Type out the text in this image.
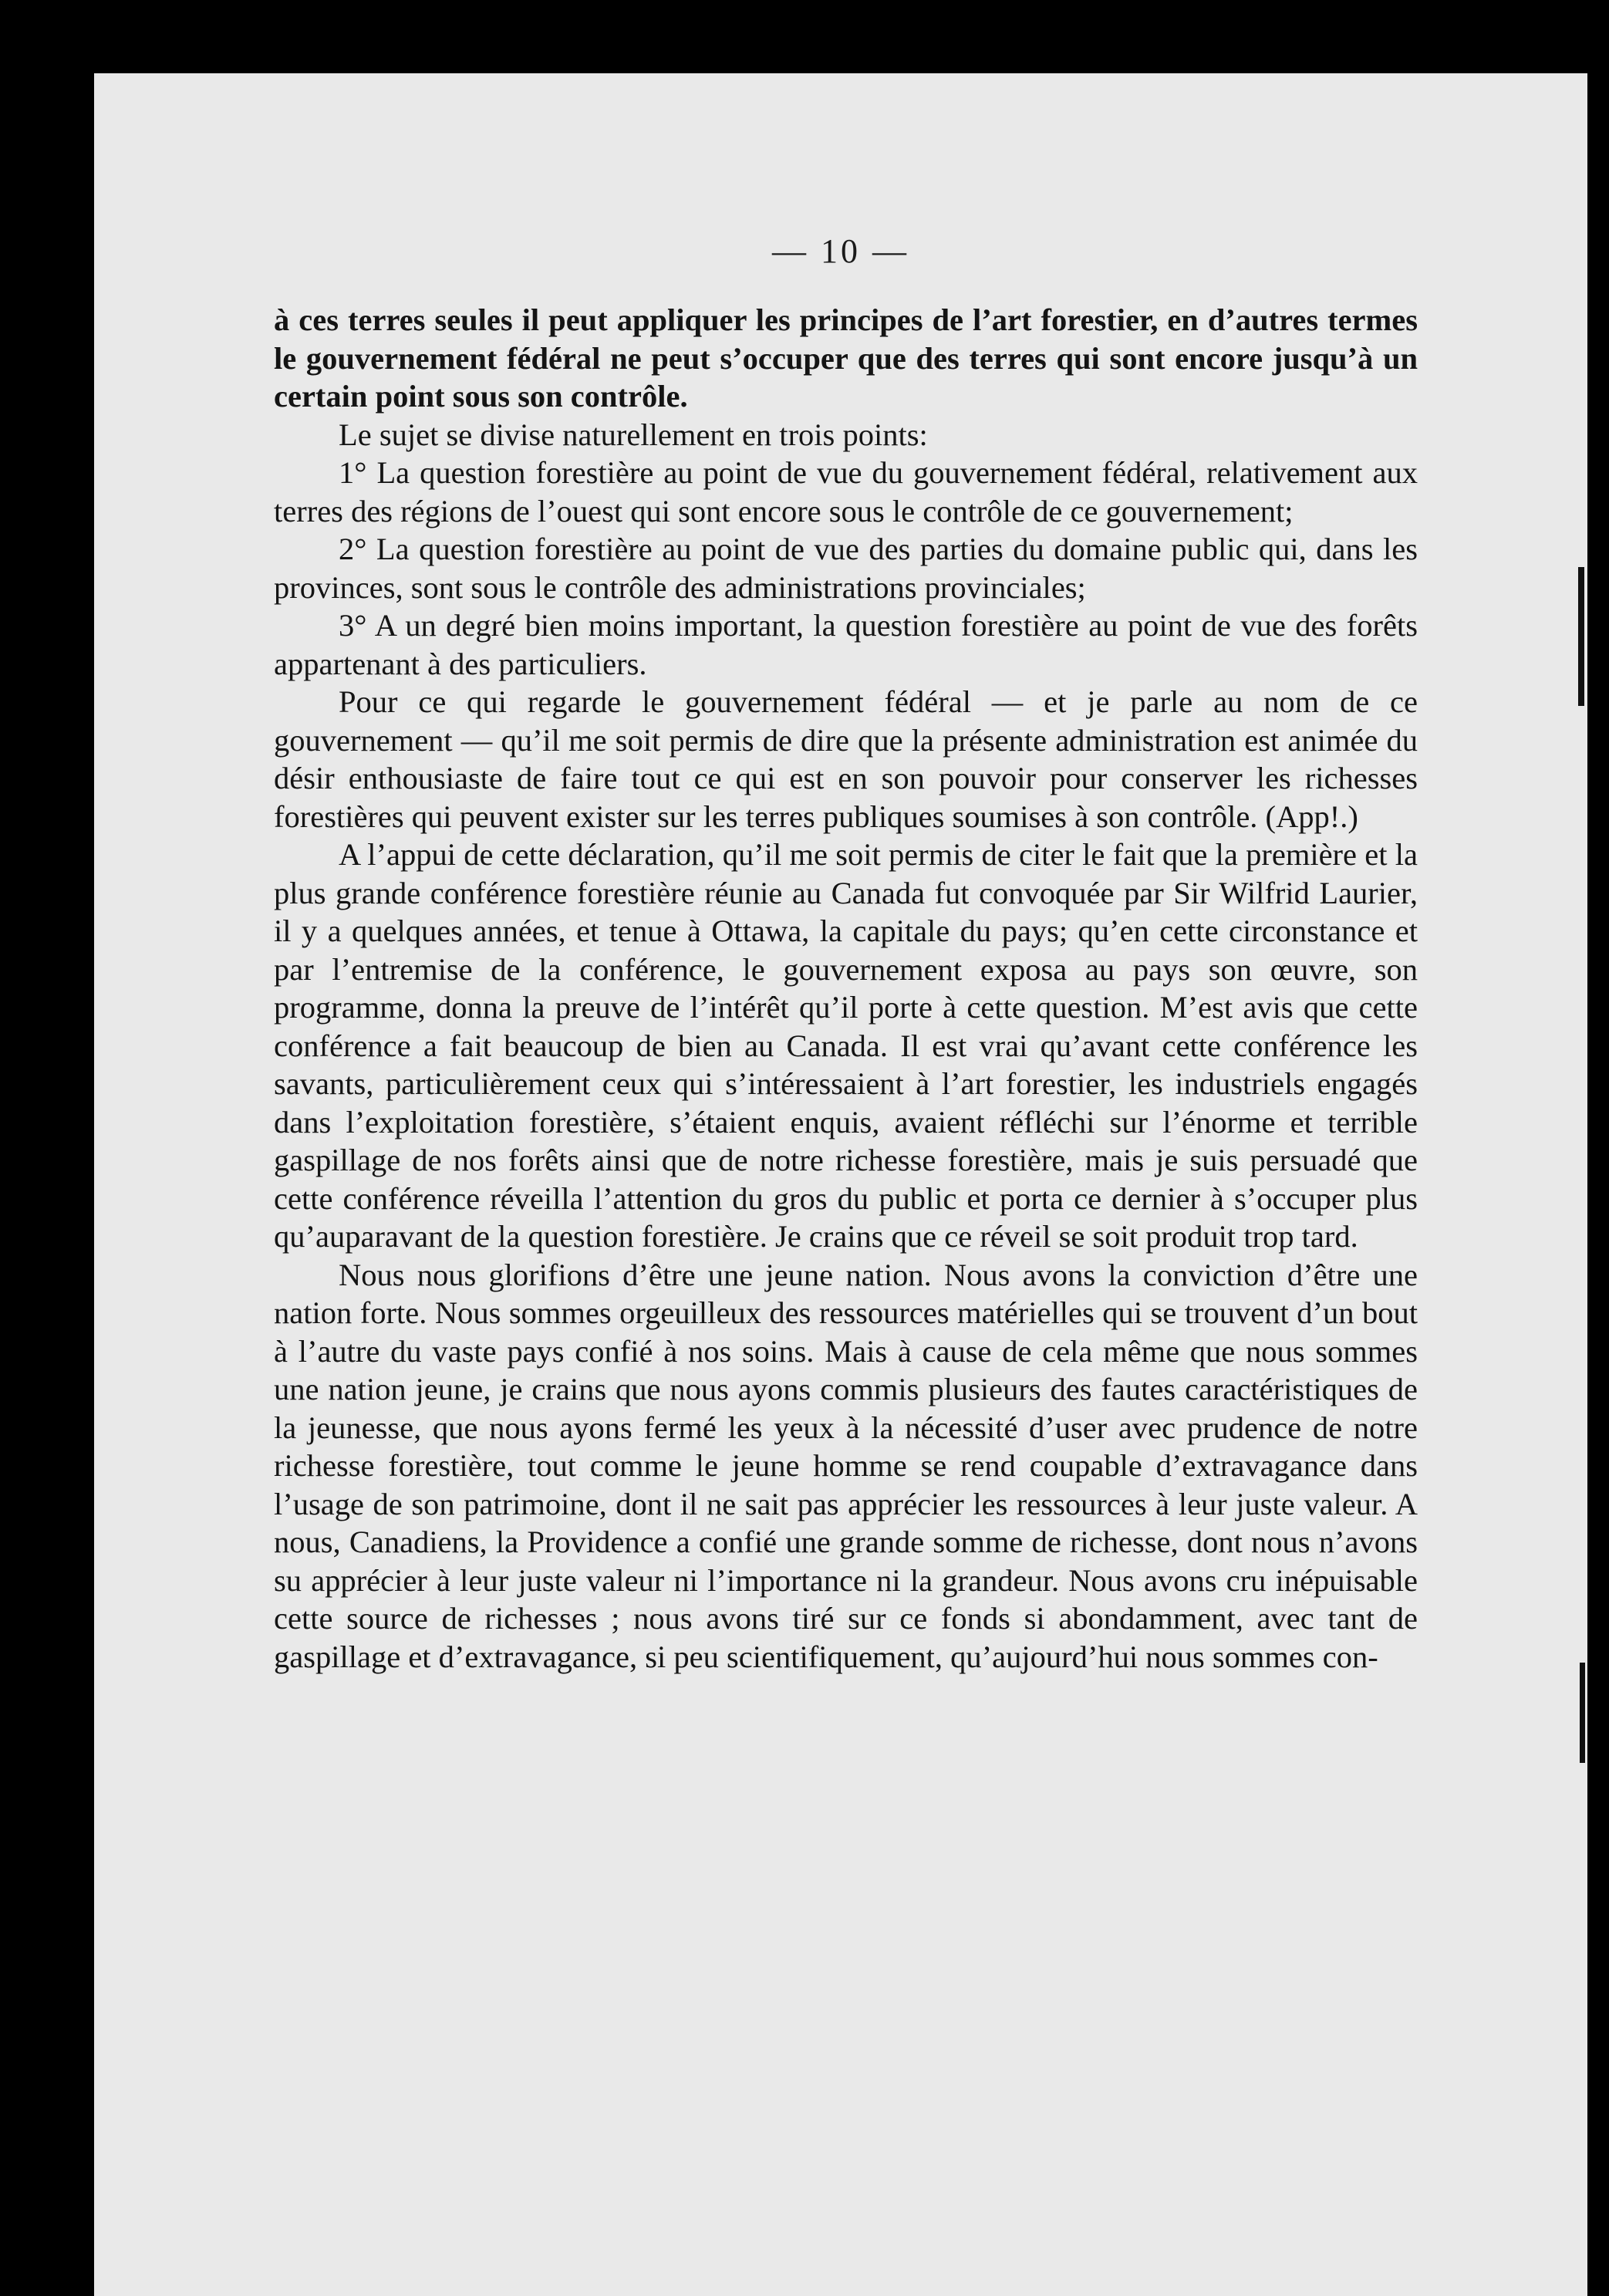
— 10 —

à ces terres seules il peut appliquer les principes de l’art forestier, en d’autres termes le gouvernement fédéral ne peut s’occuper que des terres qui sont encore jusqu’à un certain point sous son contrôle.

Le sujet se divise naturellement en trois points:

1° La question forestière au point de vue du gouvernement fédéral, relativement aux terres des régions de l’ouest qui sont encore sous le contrôle de ce gouvernement;

2° La question forestière au point de vue des parties du domaine public qui, dans les provinces, sont sous le contrôle des administrations provinciales;

3° A un degré bien moins important, la question forestière au point de vue des forêts appartenant à des particuliers.

Pour ce qui regarde le gouvernement fédéral — et je parle au nom de ce gouvernement — qu’il me soit permis de dire que la présente administration est animée du désir enthousiaste de faire tout ce qui est en son pouvoir pour conserver les richesses forestières qui peuvent exister sur les terres publiques soumises à son contrôle. (App!.)

A l’appui de cette déclaration, qu’il me soit permis de citer le fait que la première et la plus grande conférence forestière réunie au Canada fut convoquée par Sir Wilfrid Laurier, il y a quelques années, et tenue à Ottawa, la capitale du pays; qu’en cette circonstance et par l’entremise de la conférence, le gouvernement exposa au pays son œuvre, son programme, donna la preuve de l’intérêt qu’il porte à cette question. M’est avis que cette conférence a fait beaucoup de bien au Canada. Il est vrai qu’avant cette conférence les savants, particulièrement ceux qui s’intéressaient à l’art forestier, les industriels engagés dans l’exploitation forestière, s’étaient enquis, avaient réfléchi sur l’énorme et terrible gaspillage de nos forêts ainsi que de notre richesse forestière, mais je suis persuadé que cette conférence réveilla l’attention du gros du public et porta ce dernier à s’occuper plus qu’auparavant de la question forestière. Je crains que ce réveil se soit produit trop tard.

Nous nous glorifions d’être une jeune nation. Nous avons la conviction d’être une nation forte. Nous sommes orgeuilleux des ressources matérielles qui se trouvent d’un bout à l’autre du vaste pays confié à nos soins. Mais à cause de cela même que nous sommes une nation jeune, je crains que nous ayons commis plusieurs des fautes caractéristiques de la jeunesse, que nous ayons fermé les yeux à la nécessité d’user avec prudence de notre richesse forestière, tout comme le jeune homme se rend coupable d’extravagance dans l’usage de son patrimoine, dont il ne sait pas apprécier les ressources à leur juste valeur. A nous, Canadiens, la Providence a confié une grande somme de richesse, dont nous n’avons su apprécier à leur juste valeur ni l’importance ni la grandeur. Nous avons cru inépuisable cette source de richesses ; nous avons tiré sur ce fonds si abondamment, avec tant de gaspillage et d’extravagance, si peu scientifiquement, qu’aujourd’hui nous sommes con-
